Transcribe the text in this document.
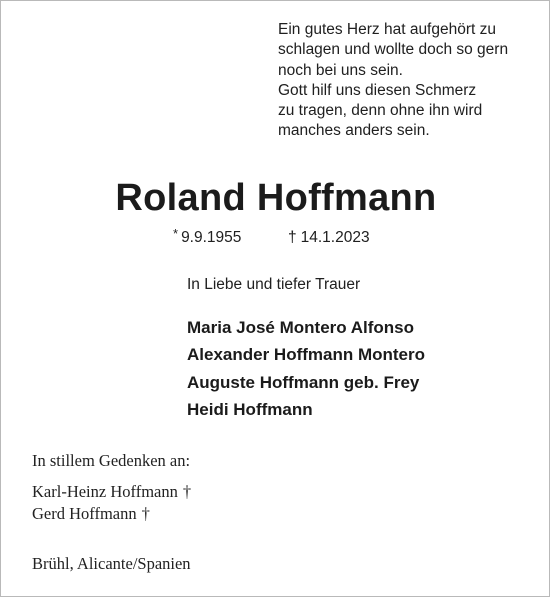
Ein gutes Herz hat aufgehört zu
schlagen und wollte doch so gern
noch bei uns sein.
Gott hilf uns diesen Schmerz
zu tragen, denn ohne ihn wird
manches anders sein.
Roland Hoffmann
* 9.9.1955	† 14.1.2023
In Liebe und tiefer Trauer
Maria José Montero Alfonso
Alexander Hoffmann Montero
Auguste Hoffmann geb. Frey
Heidi Hoffmann
In stillem Gedenken an:
Karl-Heinz Hoffmann †
Gerd Hoffmann †
Brühl, Alicante/Spanien
